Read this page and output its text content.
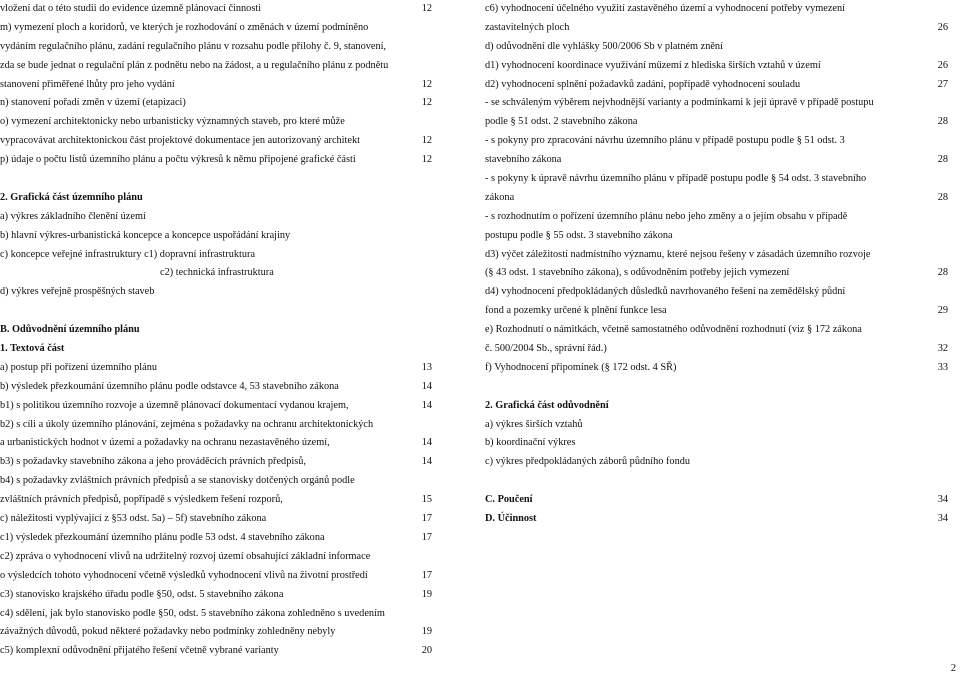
vložení dat o této studii do evidence územně plánovací činnosti	12
m) vymezení ploch a koridorů, ve kterých je rozhodování o změnách v území podmíněno
vydáním regulačního plánu, zadání regulačního plánu v rozsahu podle přílohy č. 9, stanovení,
zda se bude jednat o regulační plán z podnětu nebo na žádost, a u regulačního plánu z podnětu
stanovení přiměřené lhůty pro jeho vydání	12
n) stanovení pořadí změn v území (etapizaci)	12
o) vymezení architektonicky nebo urbanisticky významných staveb, pro které může
vypracovávat architektonickou část projektové dokumentace jen autorizovaný architekt	12
p) údaje o počtu listů územního plánu a počtu výkresů k němu připojené grafické části	12
2. Grafická část územního plánu
a) výkres základního členění území
b) hlavní výkres-urbanistická koncepce a koncepce uspořádání krajiny
c) koncepce veřejné infrastruktury c1) dopravní infrastruktura
c2) technická infrastruktura
d) výkres veřejně prospěšných staveb
B. Odůvodnění územního plánu
1. Textová část
a) postup při pořízení územního plánu	13
b) výsledek přezkoumání územního plánu podle odstavce 4, 53 stavebního zákona	14
b1) s politikou územního rozvoje a územně plánovací dokumentací vydanou krajem,	14
b2) s cíli a úkoly územního plánování, zejména s požadavky na ochranu architektonických
a urbanistických hodnot v území a požadavky na ochranu nezastavěného území,	14
b3) s požadavky stavebního zákona a jeho prováděcích právních předpisů,	14
b4) s požadavky zvláštních právních předpisů a se stanovisky dotčených orgánů podle
zvláštních právních předpisů, popřípadě s výsledkem řešení rozporů,	15
c) náležitosti vyplývající z §53 odst. 5a) – 5f) stavebního zákona	17
c1) výsledek přezkoumání územního plánu podle 53 odst. 4 stavebního zákona	17
c2) zpráva o vyhodnocení vlivů na udržitelný rozvoj území obsahující základní informace
o výsledcích tohoto vyhodnocení včetně výsledků vyhodnocení vlivů na životní prostředí	17
c3) stanovisko krajského úřadu podle §50, odst. 5 stavebního zákona	19
c4) sdělení, jak bylo stanovisko podle §50, odst. 5 stavebního zákona zohledněno s uvedením
závažných důvodů, pokud některé požadavky nebo podmínky zohledněny nebyly	19
c5) komplexní odůvodnění přijatého řešení včetně vybrané varianty	20
c6) vyhodnocení účelného využití zastavěného území a vyhodnocení potřeby vymezení
zastavitelných ploch	26
d) odůvodnění dle vyhlášky 500/2006 Sb v platném znění
d1) vyhodnocení koordinace využívání műzemí z hlediska širších vztahů v území	26
d2) vyhodnocení splnění požadavků zadání, popřípadě vyhodnocení souladu	27
- se schváleným výběrem nejvhodnější varianty a podmínkami k její úpravě v případě postupu
podle § 51 odst. 2 stavebního zákona	28
- s pokyny pro zpracování návrhu územního plánu v případě postupu podle § 51 odst. 3
stavebního zákona	28
- s pokyny k úpravě návrhu územního plánu v případě postupu podle § 54 odst. 3 stavebního
zákona	28
- s rozhodnutím o pořízení územního plánu nebo jeho změny a o jejím obsahu v případě
postupu podle § 55 odst. 3 stavebního zákona
d3) výčet záležitostí nadmístního významu, které nejsou řešeny v zásadách územního rozvoje
(§ 43 odst. 1 stavebního zákona), s odůvodněním potřeby jejich vymezení	28
d4) vyhodnocení předpokládaných důsledků navrhovaného řešení na zemědělský půdní
fond a pozemky určené k plnění funkce lesa	29
e) Rozhodnutí o námitkách, včetně samostatného odůvodnění rozhodnutí (viz § 172 zákona
č. 500/2004 Sb., správní řád.)	32
f) Vyhodnocení připomínek (§ 172 odst. 4 SŘ)	33
2. Grafická část odůvodnění
a) výkres širších vztahů
b) koordinační výkres
c) výkres předpokládaných záborů půdního fondu
C. Poučení	34
D. Účinnost	34
2
